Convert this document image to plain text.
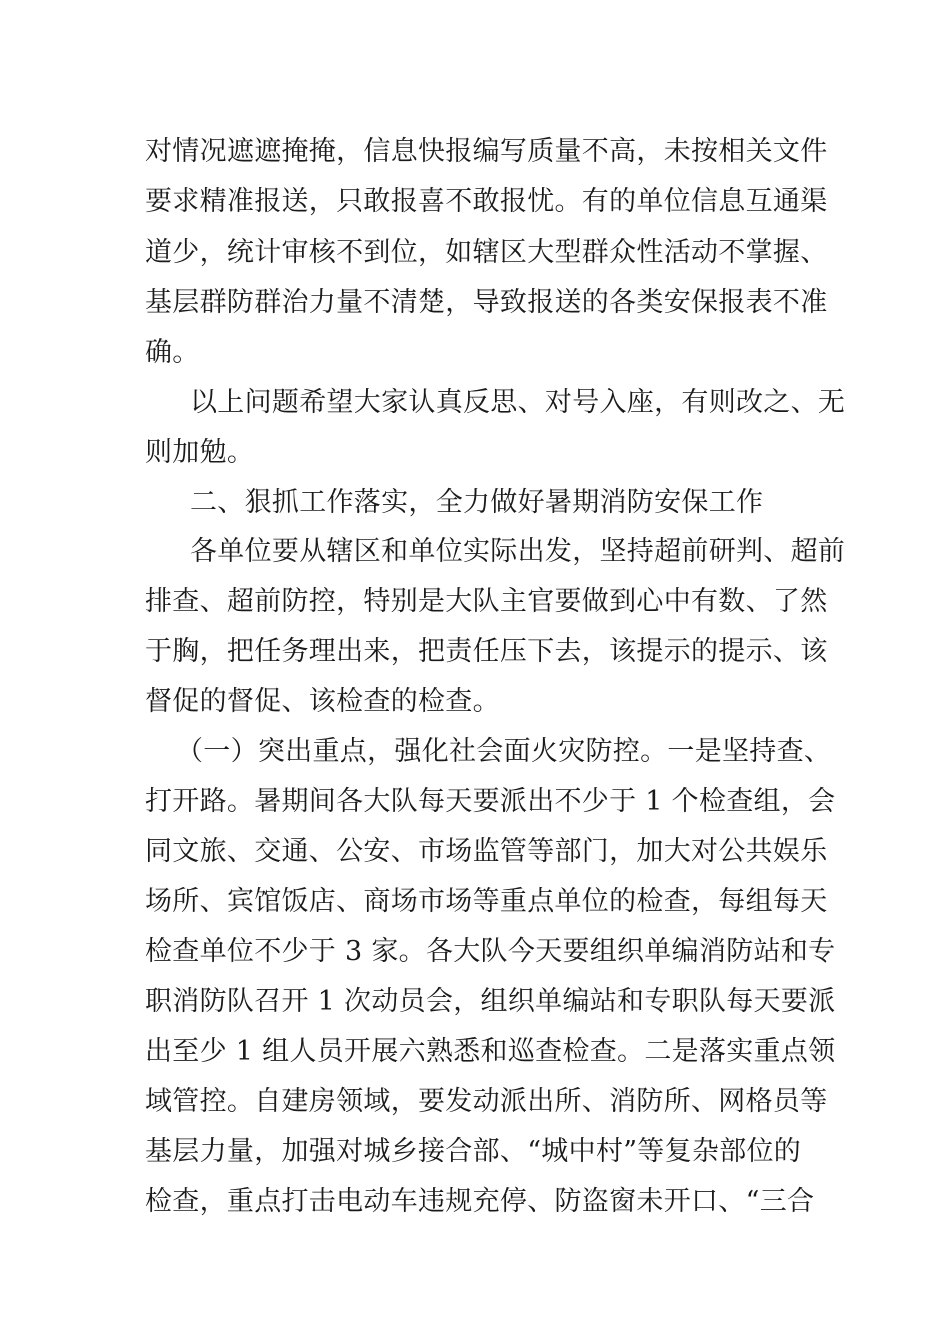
对情况遮遮掩掩，信息快报编写质量不高，未按相关文件
要求精准报送，只敢报喜不敢报忧。有的单位信息互通渠
道少，统计审核不到位，如辖区大型群众性活动不掌握、
基层群防群治力量不清楚，导致报送的各类安保报表不准
确。
以上问题希望大家认真反思、对号入座，有则改之、无
则加勉。
二、狠抓工作落实，全力做好暑期消防安保工作
各单位要从辖区和单位实际出发，坚持超前研判、超前
排查、超前防控，特别是大队主官要做到心中有数、了然
于胸，把任务理出来，把责任压下去，该提示的提示、该
督促的督促、该检查的检查。
（一）突出重点，强化社会面火灾防控。一是坚持查、
打开路。暑期间各大队每天要派出不少于 1 个检查组，会
同文旅、交通、公安、市场监管等部门，加大对公共娱乐
场所、宾馆饭店、商场市场等重点单位的检查，每组每天
检查单位不少于 3 家。各大队今天要组织单编消防站和专
职消防队召开 1 次动员会，组织单编站和专职队每天要派
出至少 1 组人员开展六熟悉和巡查检查。二是落实重点领
域管控。自建房领域，要发动派出所、消防所、网格员等
基层力量，加强对城乡接合部、“城中村”等复杂部位的
检查，重点打击电动车违规充停、防盗窗未开口、“三合
